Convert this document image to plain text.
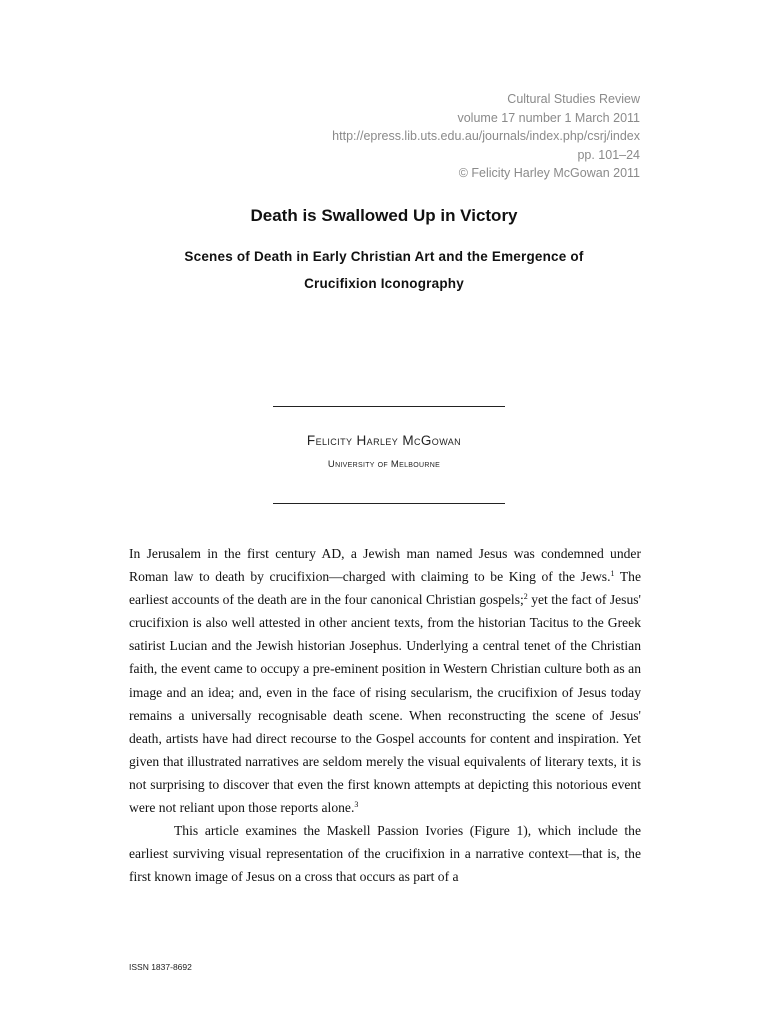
Cultural Studies Review
volume 17 number 1 March 2011
http://epress.lib.uts.edu.au/journals/index.php/csrj/index
pp. 101–24
© Felicity Harley McGowan 2011
Death is Swallowed Up in Victory
Scenes of Death in Early Christian Art and the Emergence of Crucifixion Iconography
Felicity Harley McGowan
University of Melbourne

In Jerusalem in the first century AD, a Jewish man named Jesus was condemned under Roman law to death by crucifixion—charged with claiming to be King of the Jews.$^1$ The earliest accounts of the death are in the four canonical Christian gospels;$^2$ yet the fact of Jesus' crucifixion is also well attested in other ancient texts, from the historian Tacitus to the Greek satirist Lucian and the Jewish historian Josephus. Underlying a central tenet of the Christian faith, the event came to occupy a pre-eminent position in Western Christian culture both as an image and an idea; and, even in the face of rising secularism, the crucifixion of Jesus today remains a universally recognisable death scene. When reconstructing the scene of Jesus' death, artists have had direct recourse to the Gospel accounts for content and inspiration. Yet given that illustrated narratives are seldom merely the visual equivalents of literary texts, it is not surprising to discover that even the first known attempts at depicting this notorious event were not reliant upon those reports alone.$^3$

This article examines the Maskell Passion Ivories (Figure 1), which include the earliest surviving visual representation of the crucifixion in a narrative context—that is, the first known image of Jesus on a cross that occurs as part of a

ISSN 1837-8692
